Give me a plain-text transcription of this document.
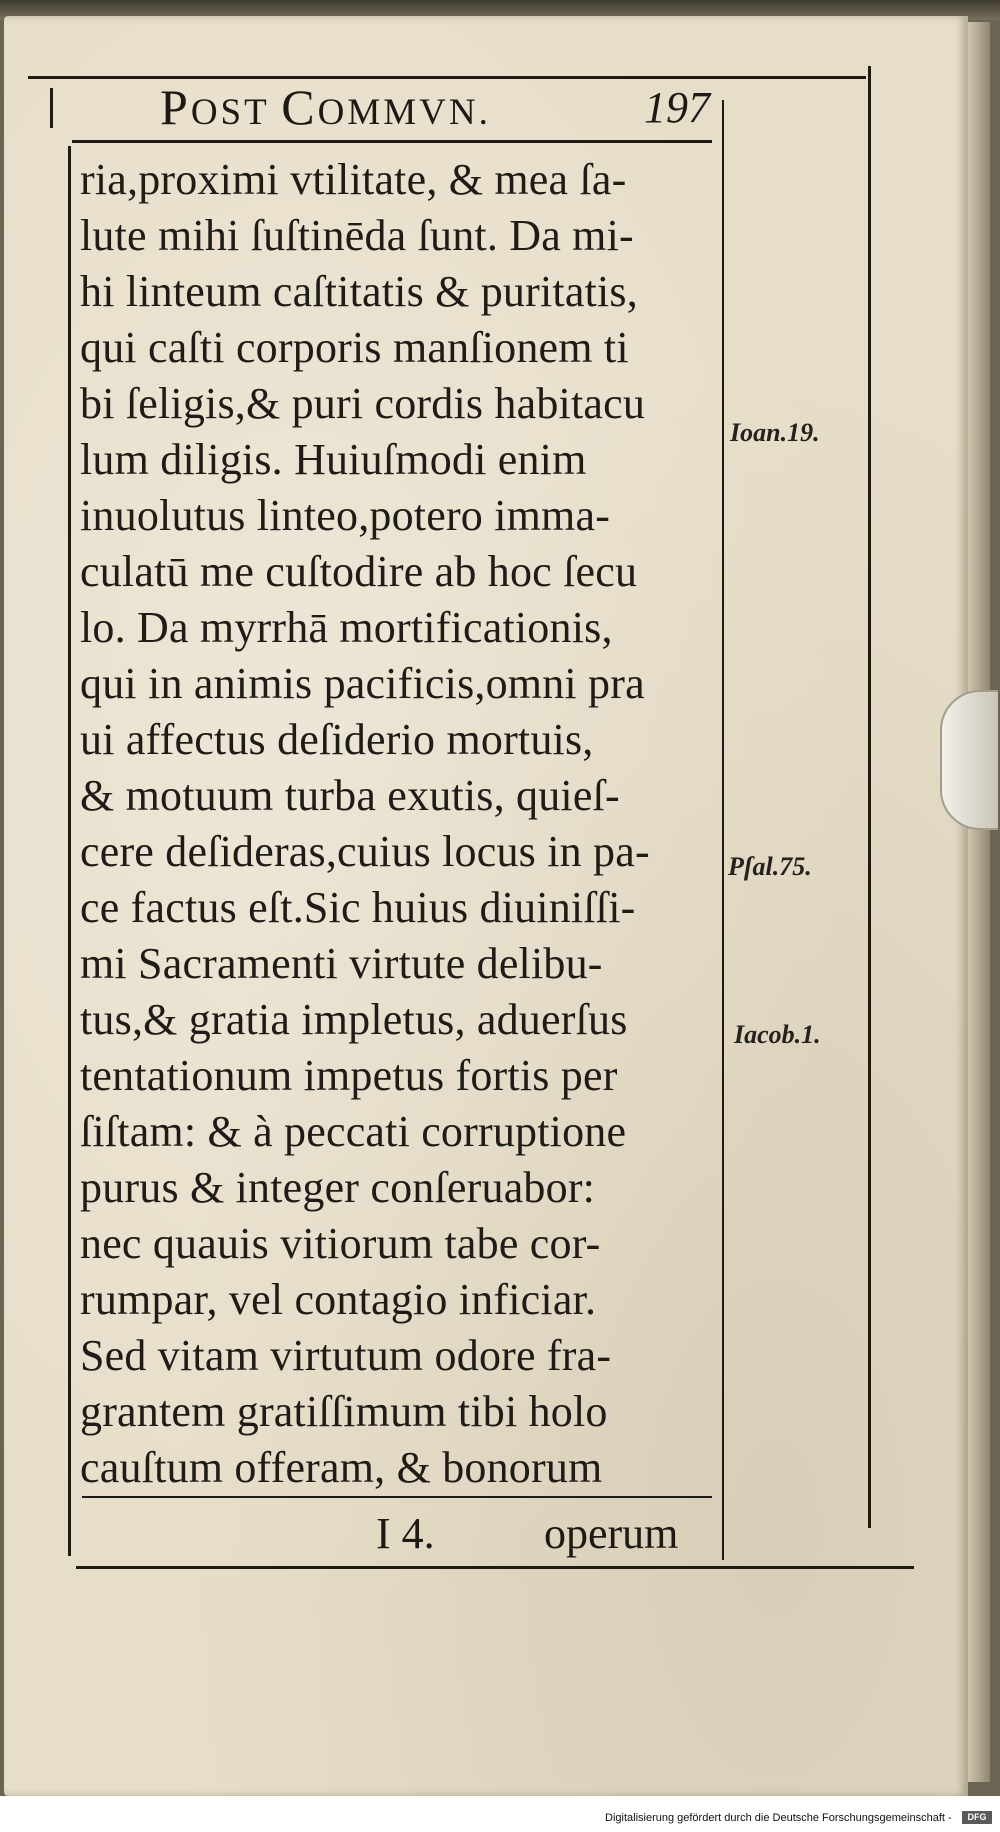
POST COMMVN.	197
ria,proximi vtilitate, & mea ſa-
lute mihi ſuſtinēda ſunt. Da mi-
hi linteum caſtitatis & puritatis,
qui caſti corporis manſionem ti
bi ſeligis,& puri cordis habitacu
lum diligis. Huiuſmodi enim
inuolutus linteo,potero imma-
culatū me cuſtodire ab hoc ſecu
lo. Da myrrhā mortificationis,
qui in animis pacificis,omni pra
ui affectus deſiderio mortuis,
& motuum turba exutis, quieſ-
cere deſideras,cuius locus in pa-
ce factus eſt.Sic huius diuiniſſi-
mi Sacramenti virtute delibu-
tus,& gratia impletus, aduerſus
tentationum impetus fortis per
ſiſtam: & à peccati corruptione
purus & integer conſeruabor:
nec quauis vitiorum tabe cor-
rumpar, vel contagio inficiar.
Sed vitam virtutum odore fra-
grantem gratiſſimum tibi holo
cauſtum offeram, & bonorum
Ioan.19.
Pſal.75.
Iacob.1.
I 4. operum
Digitalisierung gefördert durch die Deutsche Forschungsgemeinschaft -	DFG
